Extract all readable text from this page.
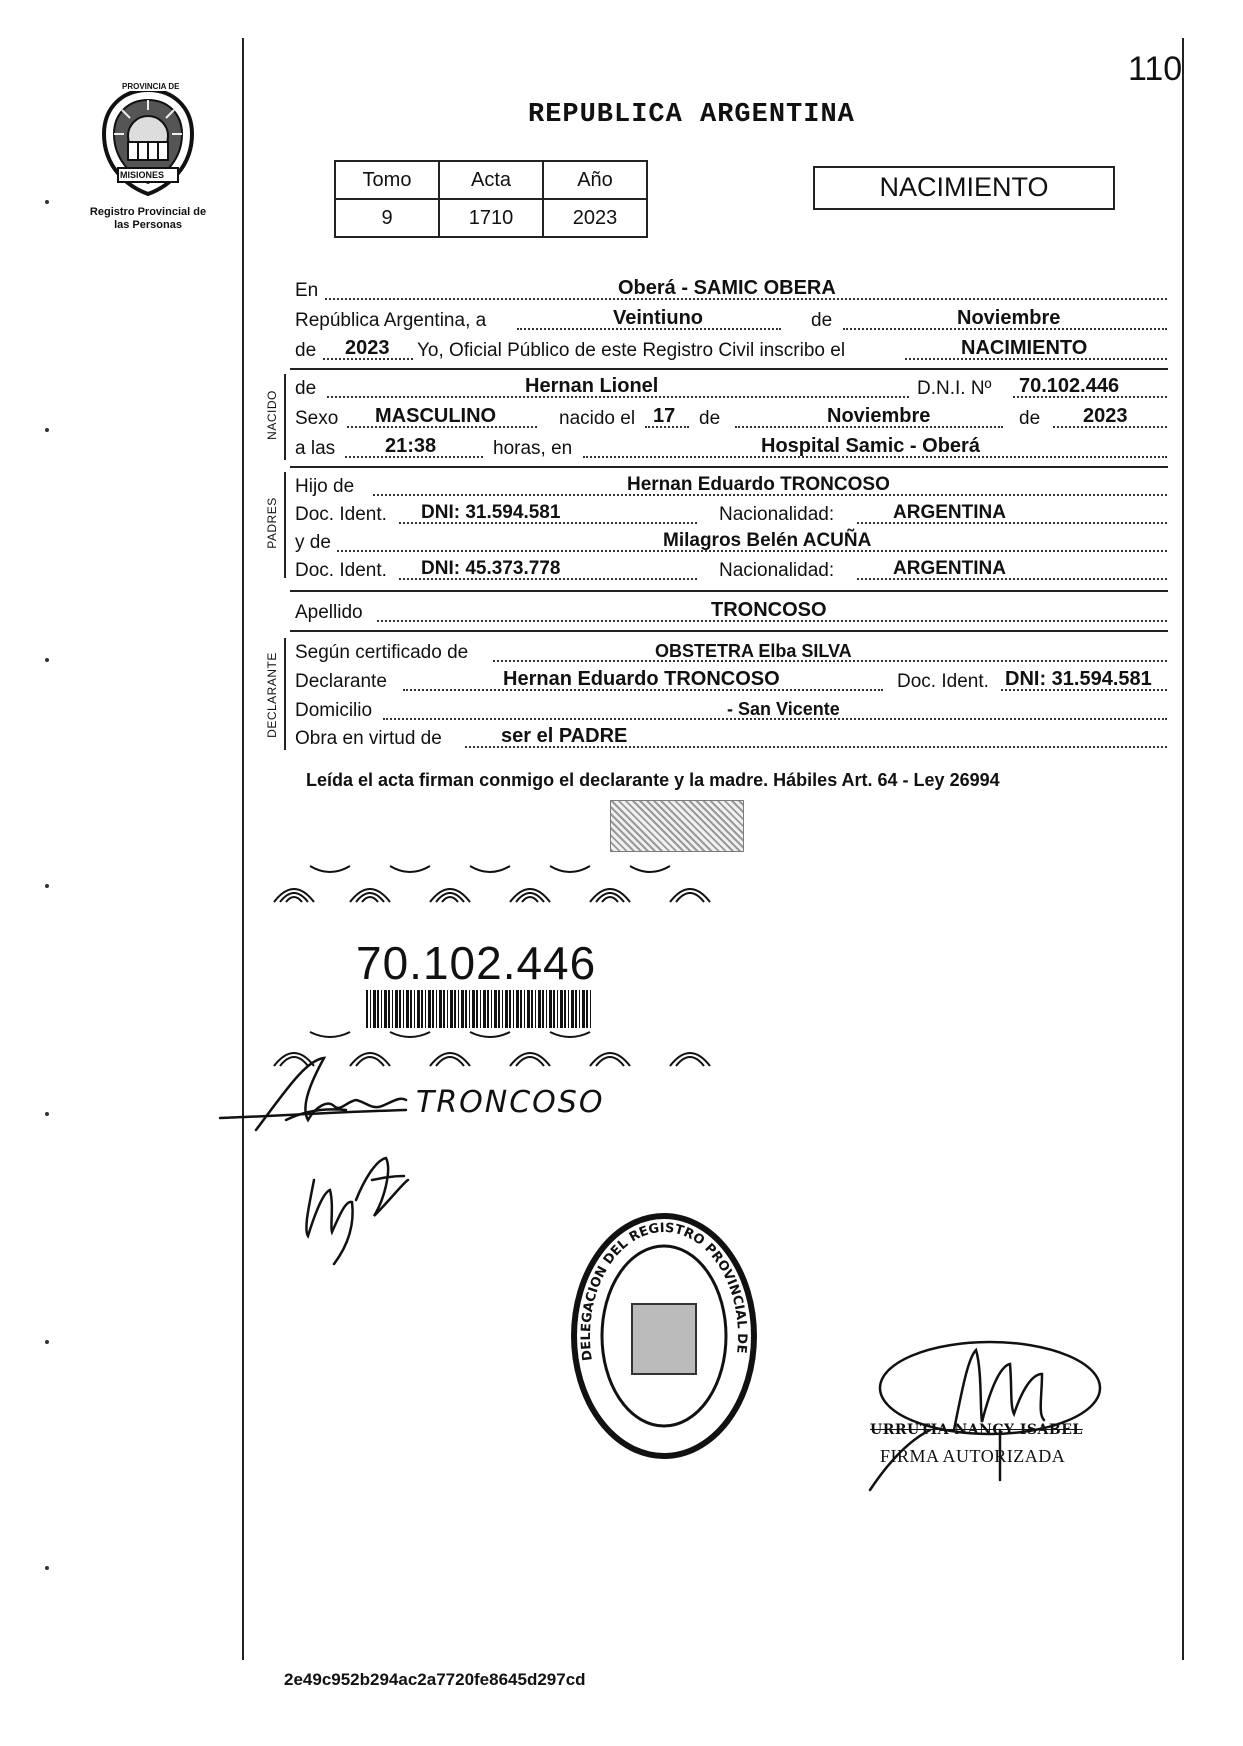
110
PROVINCIA DE
MISIONES
Registro Provincial de las Personas
REPUBLICA ARGENTINA
Tomo	Acta	Año
9	1710	2023
NACIMIENTO
En	Oberá - SAMIC OBERA
República Argentina, a	Veintiuno	de	Noviembre
de 2023 Yo, Oficial Público de este Registro Civil inscribo el	NACIMIENTO
NACIDO
de	Hernan Lionel	D.N.I. Nº 70.102.446
Sexo MASCULINO	nacido el 17 de	Noviembre	de 2023
a las 21:38	horas, en	Hospital Samic - Oberá
PADRES
Hijo de	Hernan Eduardo TRONCOSO
Doc. Ident. DNI: 31.594.581	Nacionalidad:	ARGENTINA
y de	Milagros Belén ACUÑA
Doc. Ident. DNI: 45.373.778	Nacionalidad:	ARGENTINA
Apellido	TRONCOSO
DECLARANTE Según certificado de	OBSTETRA Elba SILVA
Declarante	Hernan Eduardo TRONCOSO	Doc. Ident. DNI: 31.594.581
Domicilio	- San Vicente
Obra en virtud de	ser el PADRE
Leída el acta firman conmigo el declarante y la madre. Hábiles Art. 64 - Ley 26994
70.102.446
TRONCOSO
DELEGACION DEL REGISTRO PROVINCIAL DE
URRUTIA NANCY ISABEL
FIRMA AUTORIZADA
2e49c952b294ac2a7720fe8645d297cd
